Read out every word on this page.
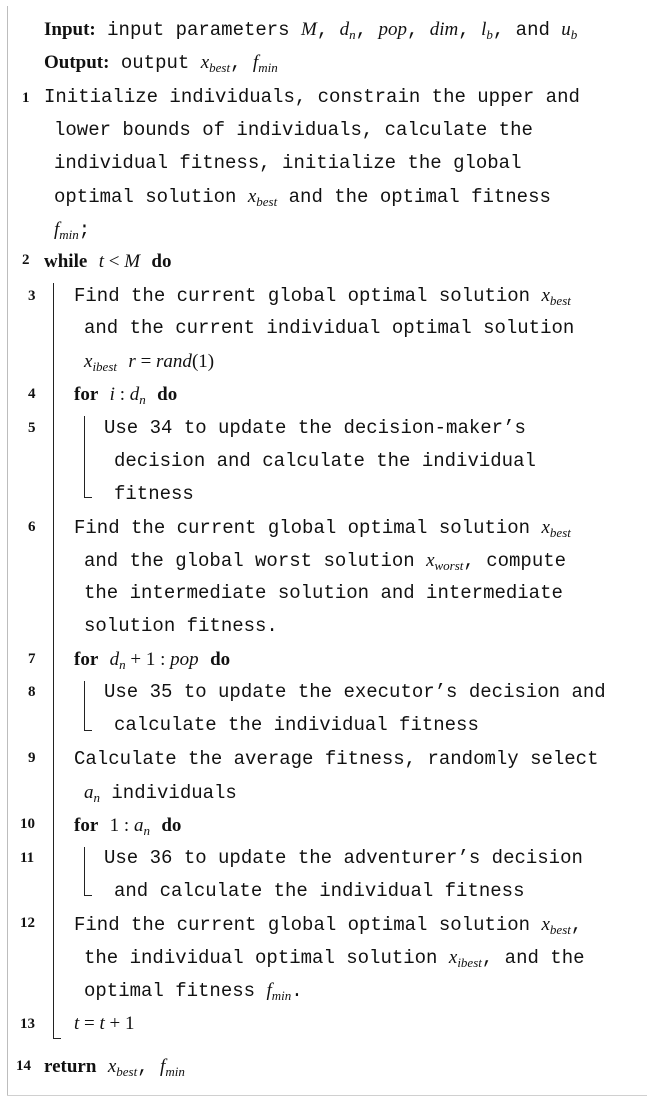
Input: input parameters M, $d_n$, pop, dim, $l_b$, and $u_b$
Output: output $x_{best}$, $f_{min}$
1
2
3
4
5
6
7
8
9
10
11
12
13
14
Initialize individuals, constrain the upper and
lower bounds of individuals, calculate the
individual fitness, initialize the global
optimal solution $x_{best}$ and the optimal fitness
$f_{min}$;
while t < M do
Find the current global optimal solution $x_{best}$
and the current individual optimal solution
$x_{ibest}$ r = rand(1)
for i : $d_n$ do
Use 34 to update the decision-maker’s
decision and calculate the individual
fitness
Find the current global optimal solution $x_{best}$
and the global worst solution $x_{worst}$, compute
the intermediate solution and intermediate
solution fitness.
for $d_n + 1$ : pop do
Use 35 to update the executor’s decision and
calculate the individual fitness
Calculate the average fitness, randomly select
$a_n$ individuals
for 1 : $a_n$ do
Use 36 to update the adventurer’s decision
and calculate the individual fitness
Find the current global optimal solution $x_{best}$,
the individual optimal solution $x_{ibest}$, and the
optimal fitness $f_{min}$.
t = t + 1
return $x_{best}$, $f_{min}$
